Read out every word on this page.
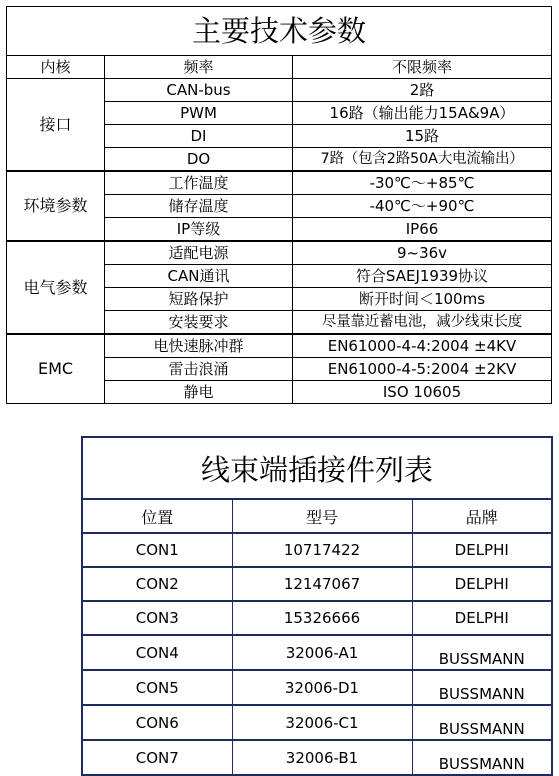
主要技术参数		
内核	频率	不限频率
接口	CAN-bus	2路
	PWM	16路（输出能力15A&9A）
	DI	15路
	DO	7路（包含2路50A大电流输出）
环境参数	工作温度	-30℃～+85℃
	储存温度	-40℃～+90℃
	IP等级	IP66
电气参数	适配电源	9~36v
	CAN通讯	符合SAEJ1939协议
	短路保护	断开时间＜100ms
	安装要求	尽量靠近蓄电池，减少线束长度
EMC	电快速脉冲群	EN61000-4-4:2004 ±4KV
	雷击浪涌	EN61000-4-5:2004 ±2KV
	静电	ISO 10605
线束端插接件列表		
位置	型号	品牌
CON1	10717422	DELPHI
CON2	12147067	DELPHI
CON3	15326666	DELPHI
CON4	32006-A1	BUSSMANN
CON5	32006-D1	BUSSMANN
CON6	32006-C1	BUSSMANN
CON7	32006-B1	BUSSMANN
